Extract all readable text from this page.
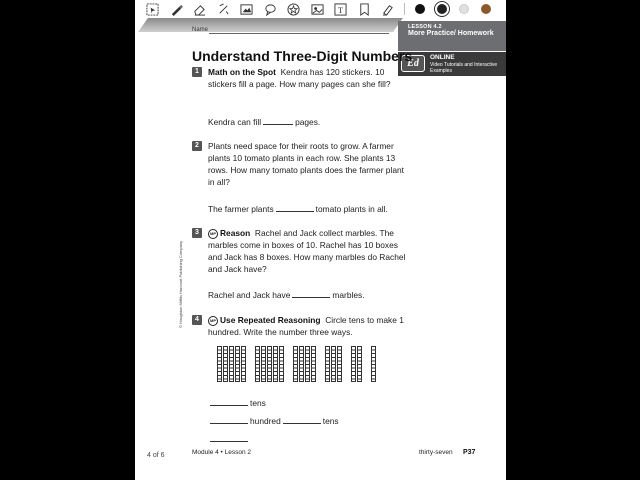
T
Name	LESSON 4.2
More Practice/ Homework
Ed
ONLINE
Video Tutorials and Interactive Examples
Understand Three-Digit Numbers
1	Math on the Spot Kendra has 120 stickers. 10 stickers fill a page. How many pages can she fill?
Kendra can fill	pages.
2	Plants need space for their roots to grow. A farmer plants 10 tomato plants in each row. She plants 13 rows. How many tomato plants does the farmer plant in all?
The farmer plants	tomato plants in all.
3	MP Reason Rachel and Jack collect marbles. The marbles come in boxes of 10. Rachel has 10 boxes and Jack has 8 boxes. How many marbles do Rachel and Jack have?
Rachel and Jack have	marbles.
4	MP Use Repeated Reasoning Circle tens to make 1 hundred. Write the number three ways.
tens
hundred	tens
© Houghton Mifflin Harcourt Publishing Company
4 of 6	Module 4 • Lesson 2	thirty-seven P37
